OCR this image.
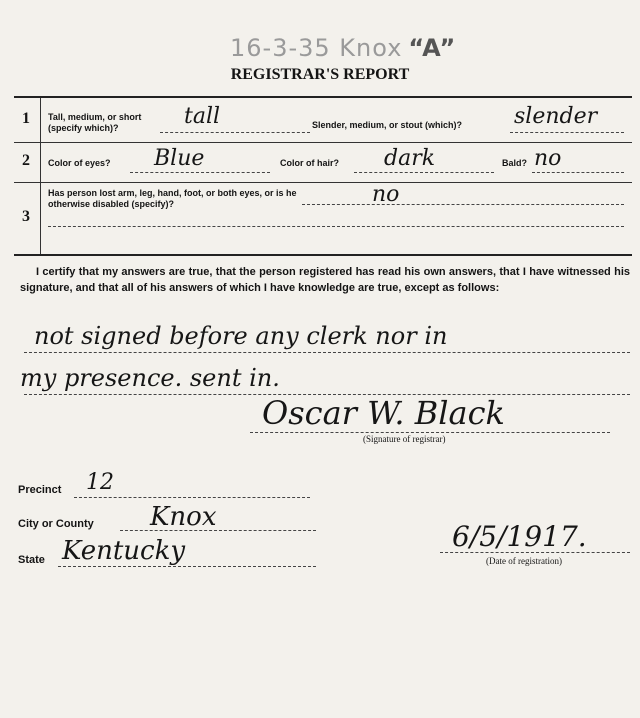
16-3-35 Knox “A”
REGISTRAR'S REPORT
1 Tall, medium, or short (specify which)?	tall	Slender, medium, or stout (which)?	slender
2 Color of eyes? Blue	Color of hair? dark	Bald? no
3
Has person lost arm, leg, hand, foot, or both eyes, or is he otherwise disabled (specify)?	no
I certify that my answers are true, that the person registered has read his own answers, that I have witnessed his signature, and that all of his answers of which I have knowledge are true, except as follows:
not signed before any clerk nor in
my presence. sent in.
Oscar W. Black
(Signature of registrar)
Precinct 12
City or County Knox
State Kentucky	6/5/1917.
(Date of registration)
